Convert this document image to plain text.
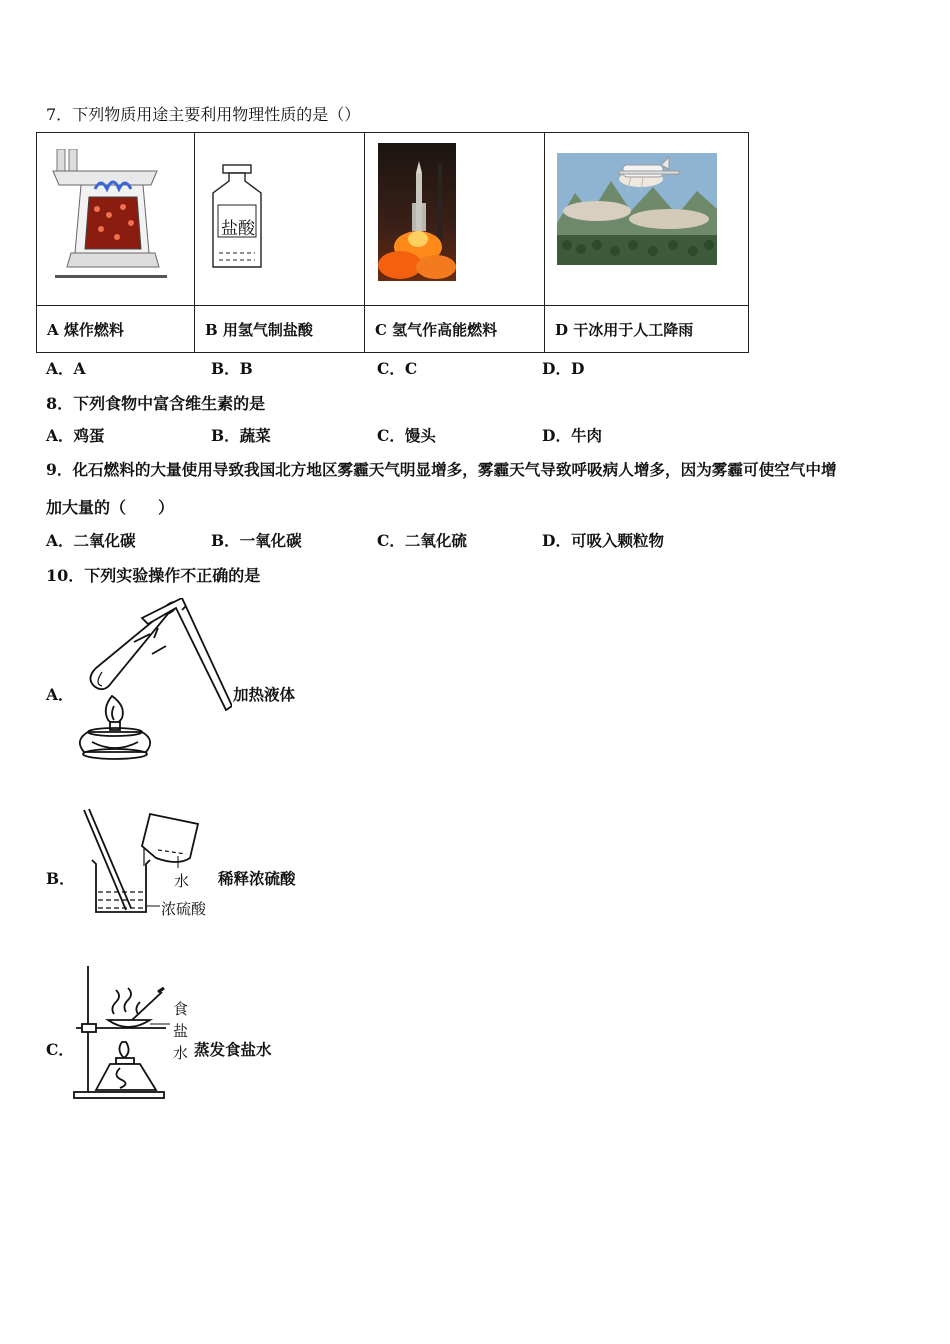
7．下列物质用途主要利用物理性质的是（）

盐酸

A 煤作燃料	B 用氢气制盐酸	C 氢气作高能燃料	D 干冰用于人工降雨
A．A	B．B	C．C	D．D
8．下列食物中富含维生素的是
A．鸡蛋	B．蔬菜	C．馒头	D．牛肉
9．化石燃料的大量使用导致我国北方地区雾霾天气明显增多，雾霾天气导致呼吸病人增多，因为雾霾可使空气中增
加大量的（　　）
A．二氧化碳	B．一氧化碳	C．二氧化硫	D．可吸入颗粒物
10．下列实验操作不正确的是
A．	加热液体
B．	水
浓硫酸
稀释浓硫酸
C．
食
盐
水 蒸发食盐水
